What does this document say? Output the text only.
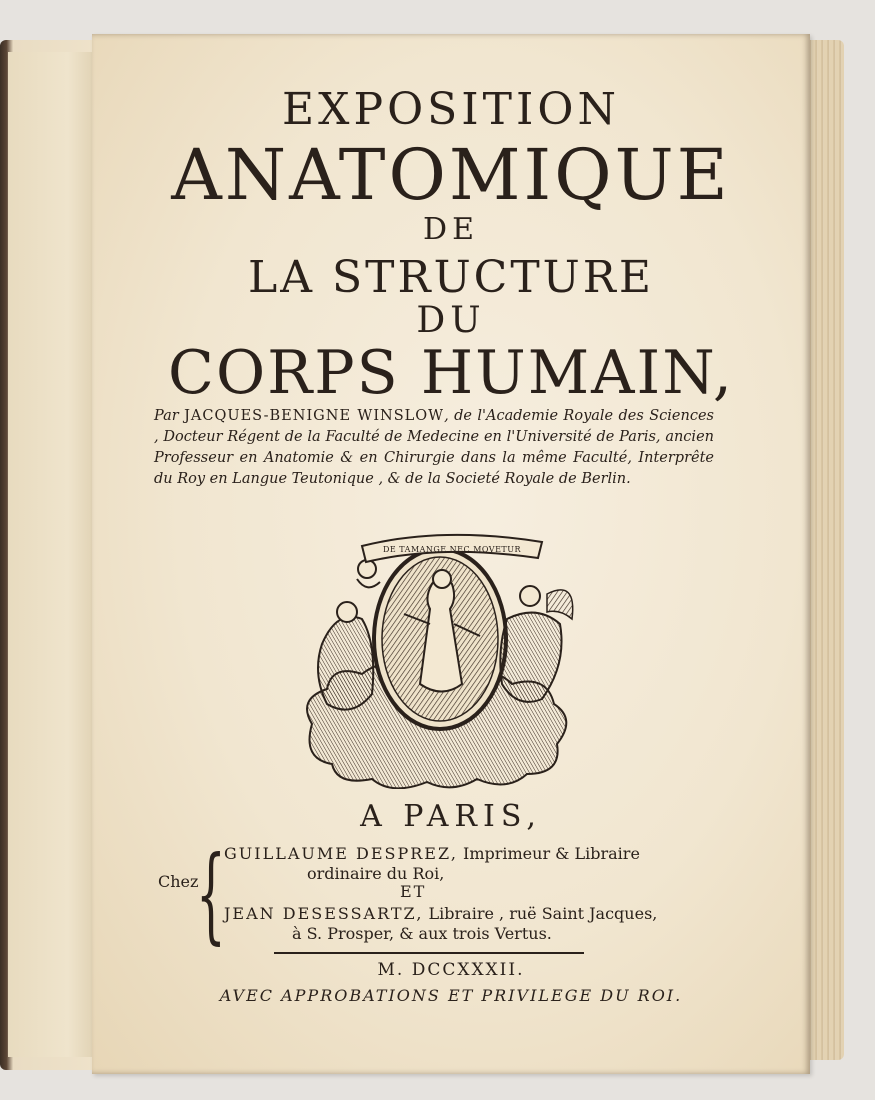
EXPOSITION
ANATOMIQUE
DE
LA STRUCTURE
DU
CORPS HUMAIN,
Par JACQUES-BENIGNE WINSLOW, de l'Academie Royale des Sciences , Docteur Régent de la Faculté de Medecine en l'Université de Paris, ancien Professeur en Anatomie & en Chirurgie dans la même Faculté, Interprête du Roy en Langue Teutonique , & de la Societé Royale de Berlin.
DE TAMANGE NEC MOVETUR
A PARIS,
Chez
{
GUILLAUME DESPREZ, Imprimeur & Libraire
ordinaire du Roi,
ET
JEAN DESESSARTZ, Libraire , ruë Saint Jacques,
à S. Prosper, & aux trois Vertus.
M. DCCXXXII.
AVEC APPROBATIONS ET PRIVILEGE DU ROI.
